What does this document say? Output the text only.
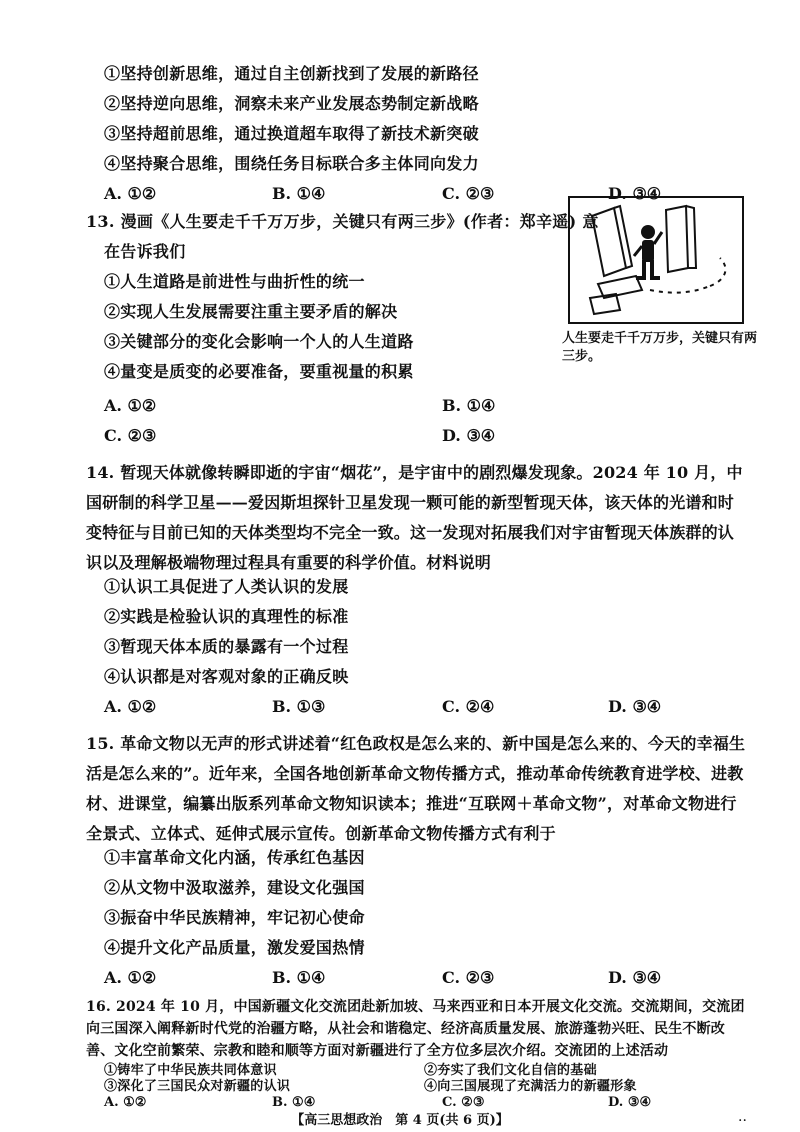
①坚持创新思维，通过自主创新找到了发展的新路径
②坚持逆向思维，洞察未来产业发展态势制定新战略
③坚持超前思维，通过换道超车取得了新技术新突破
④坚持聚合思维，围绕任务目标联合多主体同向发力
A. ①②	B. ①④	C. ②③	D. ③④
13. 漫画《人生要走千千万万步，关键只有两三步》(作者：郑辛遥) 意
在告诉我们
①人生道路是前进性与曲折性的统一
②实现人生发展需要注重主要矛盾的解决
③关键部分的变化会影响一个人的人生道路
④量变是质变的必要准备，要重视量的积累
A. ①②	B. ①④
C. ②③	D. ③④
人生要走千千万万步，关键只有两三步。
14. 暂现天体就像转瞬即逝的宇宙“烟花”，是宇宙中的剧烈爆发现象。2024 年 10 月，中国研制的科学卫星——爱因斯坦探针卫星发现一颗可能的新型暂现天体，该天体的光谱和时变特征与目前已知的天体类型均不完全一致。这一发现对拓展我们对宇宙暂现天体族群的认识以及理解极端物理过程具有重要的科学价值。材料说明
①认识工具促进了人类认识的发展
②实践是检验认识的真理性的标准
③暂现天体本质的暴露有一个过程
④认识都是对客观对象的正确反映
A. ①②	B. ①③	C. ②④	D. ③④
15. 革命文物以无声的形式讲述着“红色政权是怎么来的、新中国是怎么来的、今天的幸福生活是怎么来的”。近年来，全国各地创新革命文物传播方式，推动革命传统教育进学校、进教材、进课堂，编纂出版系列革命文物知识读本；推进“互联网＋革命文物”，对革命文物进行全景式、立体式、延伸式展示宣传。创新革命文物传播方式有利于
①丰富革命文化内涵，传承红色基因
②从文物中汲取滋养，建设文化强国
③振奋中华民族精神，牢记初心使命
④提升文化产品质量，激发爱国热情
A. ①②	B. ①④	C. ②③	D. ③④
16. 2024 年 10 月，中国新疆文化交流团赴新加坡、马来西亚和日本开展文化交流。交流期间，交流团向三国深入阐释新时代党的治疆方略，从社会和谐稳定、经济高质量发展、旅游蓬勃兴旺、民生不断改善、文化空前繁荣、宗教和睦和顺等方面对新疆进行了全方位多层次介绍。交流团的上述活动
【高三思想政治　第 4 页(共 6 页)】	··
①铸牢了中华民族共同体意识	②夯实了我们文化自信的基础
③深化了三国民众对新疆的认识	④向三国展现了充满活力的新疆形象
A. ①②	B. ①④	C. ②③	D. ③④
